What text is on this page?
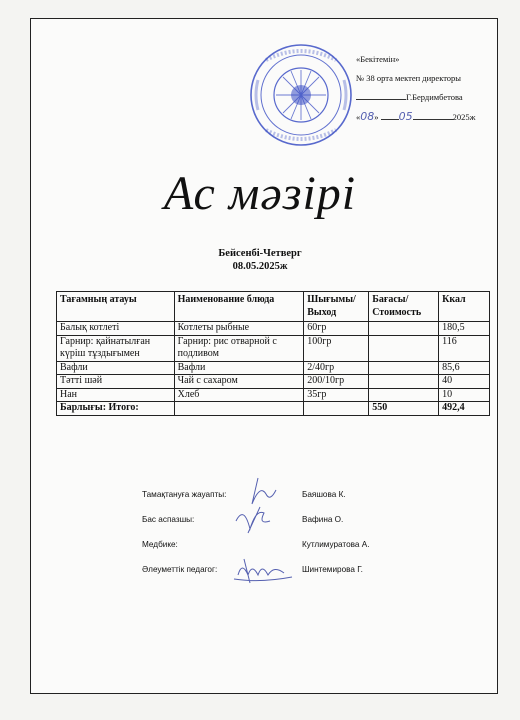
«Бекітемін»
№ 38 орта мектеп директоры
Г.Бердимбетова
«08» 05	2025ж
Ас мәзірі
Бейсенбі-Четверг
08.05.2025ж
Тағамның атауы	Наименование блюда	Шығымы/ Выход	Бағасы/ Стоимость	Ккал
Балық котлеті	Котлеты рыбные	60гр		180,5
Гарнир: қайнатылған күріш тұздығымен	Гарнир: рис отварной с подливом	100гр		116
Вафли	Вафли	2/40гр		85,6
Тәтті шәй	Чай с сахаром	200/10гр		40
Нан	Хлеб	35гр		10
Барлығы: Итого:			550	492,4
Тамақтануға жауапты:	Баяшова К.
Бас аспазшы:	Вафина О.
Медбике:	Кутлимуратова А.
Әлеуметтік педагог:	Шинтемирова Г.
